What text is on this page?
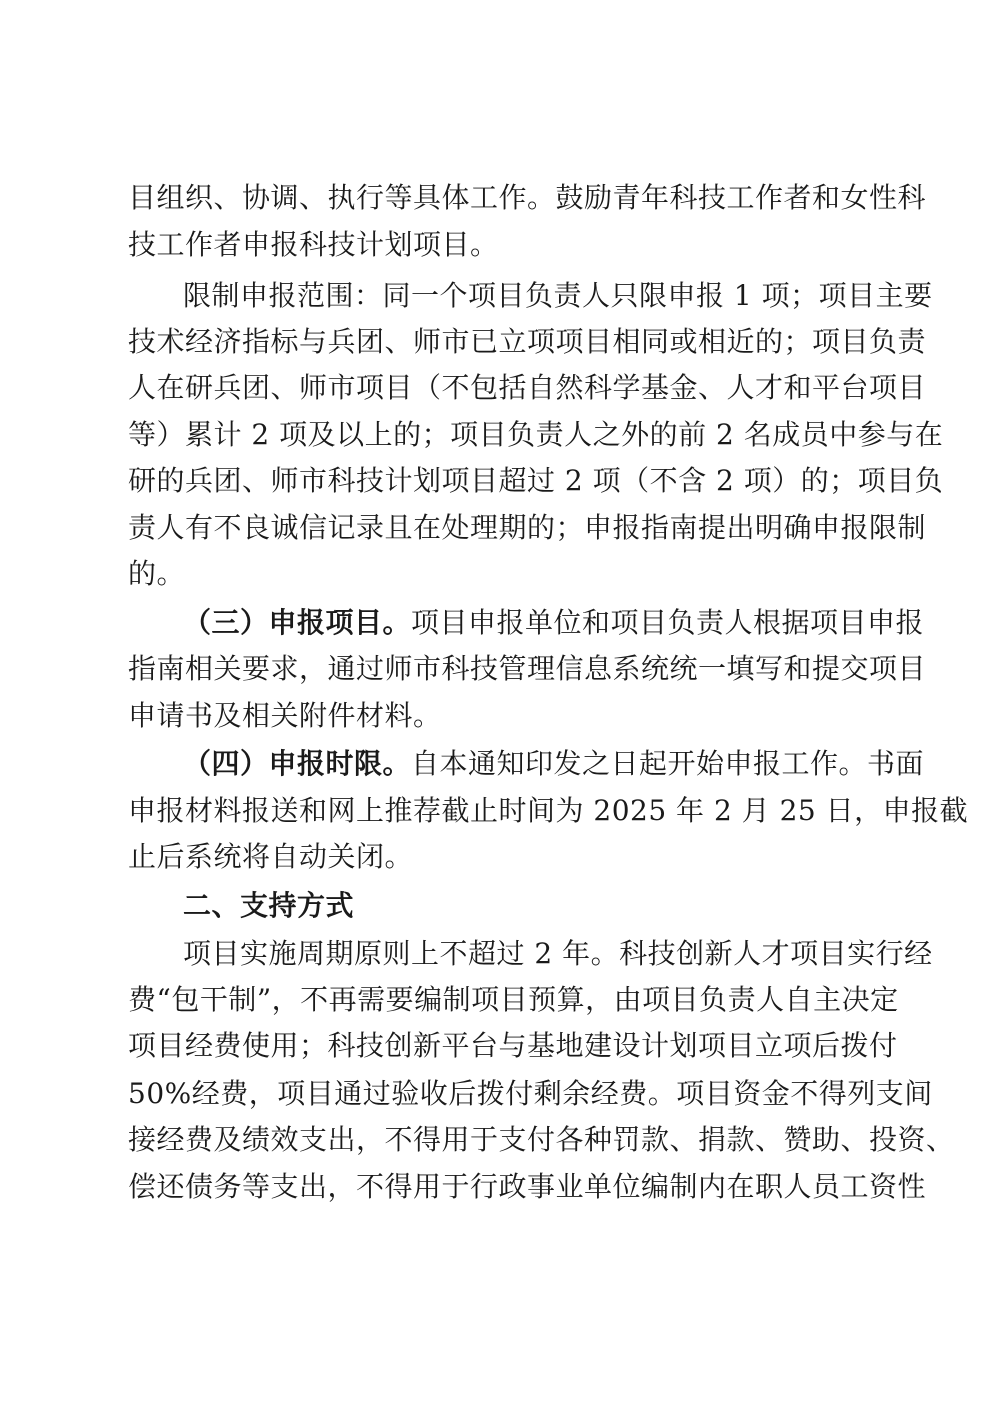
目组织、协调、执行等具体工作。鼓励青年科技工作者和女性科
技工作者申报科技计划项目。
限制申报范围：同一个项目负责人只限申报 1 项；项目主要
技术经济指标与兵团、师市已立项项目相同或相近的；项目负责
人在研兵团、师市项目（不包括自然科学基金、人才和平台项目
等）累计 2 项及以上的；项目负责人之外的前 2 名成员中参与在
研的兵团、师市科技计划项目超过 2 项（不含 2 项）的；项目负
责人有不良诚信记录且在处理期的；申报指南提出明确申报限制
的。
（三）申报项目。项目申报单位和项目负责人根据项目申报
指南相关要求，通过师市科技管理信息系统统一填写和提交项目
申请书及相关附件材料。
（四）申报时限。自本通知印发之日起开始申报工作。书面
申报材料报送和网上推荐截止时间为 2025 年 2 月 25 日，申报截
止后系统将自动关闭。
二、支持方式
项目实施周期原则上不超过 2 年。科技创新人才项目实行经
费“包干制”，不再需要编制项目预算，由项目负责人自主决定
项目经费使用；科技创新平台与基地建设计划项目立项后拨付
50%经费，项目通过验收后拨付剩余经费。项目资金不得列支间
接经费及绩效支出，不得用于支付各种罚款、捐款、赞助、投资、
偿还债务等支出，不得用于行政事业单位编制内在职人员工资性
